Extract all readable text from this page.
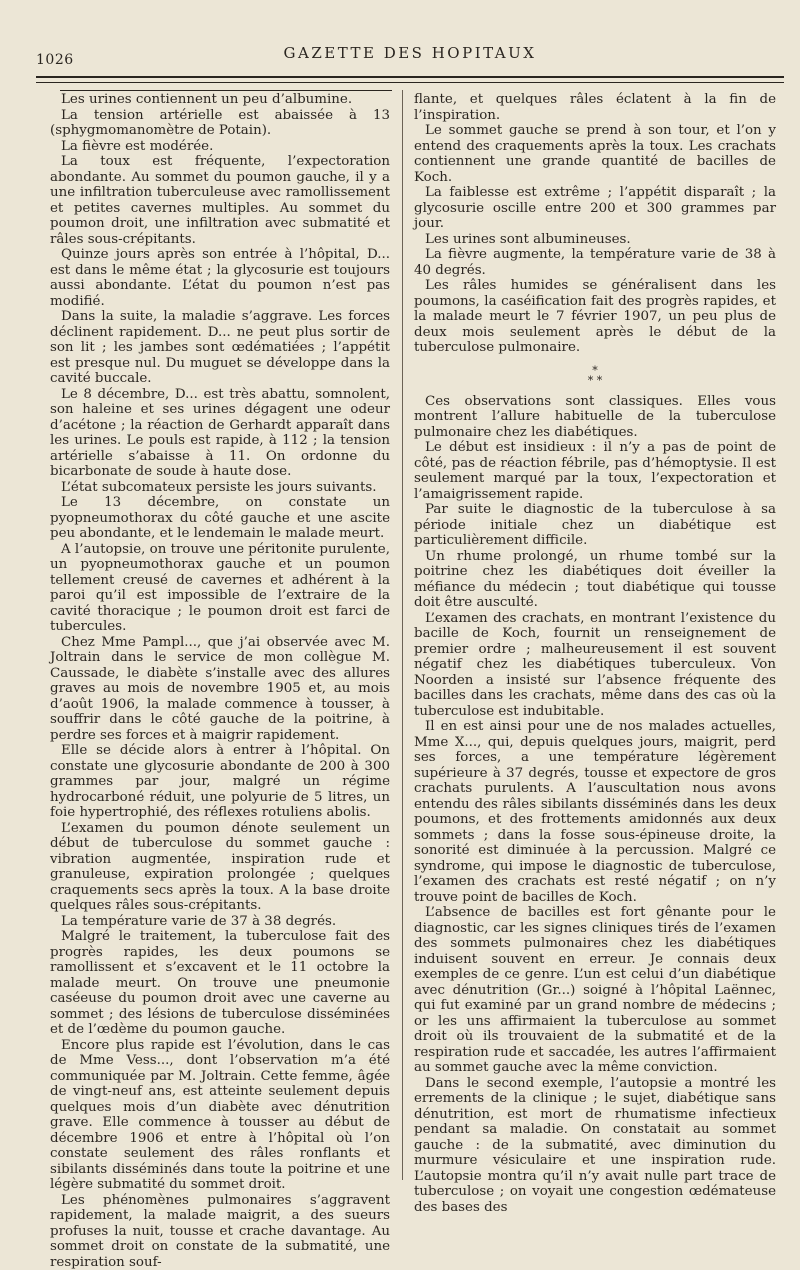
1026	GAZETTE DES HOPITAUX

Les urines contiennent un peu d’albumine.

La tension artérielle est abaissée à 13 (sphygmomanomètre de Potain).

La fièvre est modérée.

La toux est fréquente, l’expectoration abondante. Au sommet du poumon gauche, il y a une infiltration tuberculeuse avec ramollissement et petites cavernes multiples. Au sommet du poumon droit, une infiltration avec submatité et râles sous-crépitants.

Quinze jours après son entrée à l’hôpital, D... est dans le même état ; la glycosurie est toujours aussi abondante. L’état du poumon n’est pas modifié.

Dans la suite, la maladie s’aggrave. Les forces déclinent rapidement. D... ne peut plus sortir de son lit ; les jambes sont œdématiées ; l’appétit est presque nul. Du muguet se développe dans la cavité buccale.

Le 8 décembre, D... est très abattu, somnolent, son haleine et ses urines dégagent une odeur d’acétone ; la réaction de Gerhardt apparaît dans les urines. Le pouls est rapide, à 112 ; la tension artérielle s’abaisse à 11. On ordonne du bicarbonate de soude à haute dose.

L’état subcomateux persiste les jours suivants.

Le 13 décembre, on constate un pyopneumothorax du côté gauche et une ascite peu abondante, et le lendemain le malade meurt.

A l’autopsie, on trouve une péritonite purulente, un pyopneumothorax gauche et un poumon tellement creusé de cavernes et adhérent à la paroi qu’il est impossible de l’extraire de la cavité thoracique ; le poumon droit est farci de tubercules.

Chez Mme Pampl..., que j’ai observée avec M. Joltrain dans le service de mon collègue M. Caussade, le diabète s’installe avec des allures graves au mois de novembre 1905 et, au mois d’août 1906, la malade commence à tousser, à souffrir dans le côté gauche de la poitrine, à perdre ses forces et à maigrir rapidement.

Elle se décide alors à entrer à l’hôpital. On constate une glycosurie abondante de 200 à 300 grammes par jour, malgré un régime hydrocarboné réduit, une polyurie de 5 litres, un foie hypertrophié, des réflexes rotuliens abolis.

L’examen du poumon dénote seulement un début de tuberculose du sommet gauche : vibration augmentée, inspiration rude et granuleuse, expiration prolongée ; quelques craquements secs après la toux. A la base droite quelques râles sous-crépitants.

La température varie de 37 à 38 degrés.

Malgré le traitement, la tuberculose fait des progrès rapides, les deux poumons se ramollissent et s’excavent et le 11 octobre la malade meurt. On trouve une pneumonie caséeuse du poumon droit avec une caverne au sommet ; des lésions de tuberculose disséminées et de l’œdème du poumon gauche.

Encore plus rapide est l’évolution, dans le cas de Mme Vess..., dont l’observation m’a été communiquée par M. Joltrain. Cette femme, âgée de vingt-neuf ans, est atteinte seulement depuis quelques mois d’un diabète avec dénutrition grave. Elle commence à tousser au début de décembre 1906 et entre à l’hôpital où l’on constate seulement des râles ronflants et sibilants disséminés dans toute la poitrine et une légère submatité du sommet droit.

Les phénomènes pulmonaires s’aggravent rapidement, la malade maigrit, a des sueurs profuses la nuit, tousse et crache davantage. Au sommet droit on constate de la submatité, une respiration souf-

flante, et quelques râles éclatent à la fin de l’inspiration.

Le sommet gauche se prend à son tour, et l’on y entend des craquements après la toux. Les crachats contiennent une grande quantité de bacilles de Koch.

La faiblesse est extrême ; l’appétit disparaît ; la glycosurie oscille entre 200 et 300 grammes par jour.

Les urines sont albumineuses.

La fièvre augmente, la température varie de 38 à 40 degrés.

Les râles humides se généralisent dans les poumons, la caséification fait des progrès rapides, et la malade meurt le 7 février 1907, un peu plus de deux mois seulement après le début de la tuberculose pulmonaire.

*
* *

Ces observations sont classiques. Elles vous montrent l’allure habituelle de la tuberculose pulmonaire chez les diabétiques.

Le début est insidieux : il n’y a pas de point de côté, pas de réaction fébrile, pas d’hémoptysie. Il est seulement marqué par la toux, l’expectoration et l’amaigrissement rapide.

Par suite le diagnostic de la tuberculose à sa période initiale chez un diabétique est particulièrement difficile.

Un rhume prolongé, un rhume tombé sur la poitrine chez les diabétiques doit éveiller la méfiance du médecin ; tout diabétique qui tousse doit être ausculté.

L’examen des crachats, en montrant l’existence du bacille de Koch, fournit un renseignement de premier ordre ; malheureusement il est souvent négatif chez les diabétiques tuberculeux. Von Noorden a insisté sur l’absence fréquente des bacilles dans les crachats, même dans des cas où la tuberculose est indubitable.

Il en est ainsi pour une de nos malades actuelles, Mme X..., qui, depuis quelques jours, maigrit, perd ses forces, a une température légèrement supérieure à 37 degrés, tousse et expectore de gros crachats purulents. A l’auscultation nous avons entendu des râles sibilants disséminés dans les deux poumons, et des frottements amidonnés aux deux sommets ; dans la fosse sous-épineuse droite, la sonorité est diminuée à la percussion. Malgré ce syndrome, qui impose le diagnostic de tuberculose, l’examen des crachats est resté négatif ; on n’y trouve point de bacilles de Koch.

L’absence de bacilles est fort gênante pour le diagnostic, car les signes cliniques tirés de l’examen des sommets pulmonaires chez les diabétiques induisent souvent en erreur. Je connais deux exemples de ce genre. L’un est celui d’un diabétique avec dénutrition (Gr...) soigné à l’hôpital Laënnec, qui fut examiné par un grand nombre de médecins ; or les uns affirmaient la tuberculose au sommet droit où ils trouvaient de la submatité et de la respiration rude et saccadée, les autres l’affirmaient au sommet gauche avec la même conviction.

Dans le second exemple, l’autopsie a montré les errements de la clinique ; le sujet, diabétique sans dénutrition, est mort de rhumatisme infectieux pendant sa maladie. On constatait au sommet gauche : de la submatité, avec diminution du murmure vésiculaire et une inspiration rude. L’autopsie montra qu’il n’y avait nulle part trace de tuberculose ; on voyait une congestion œdémateuse des bases des
